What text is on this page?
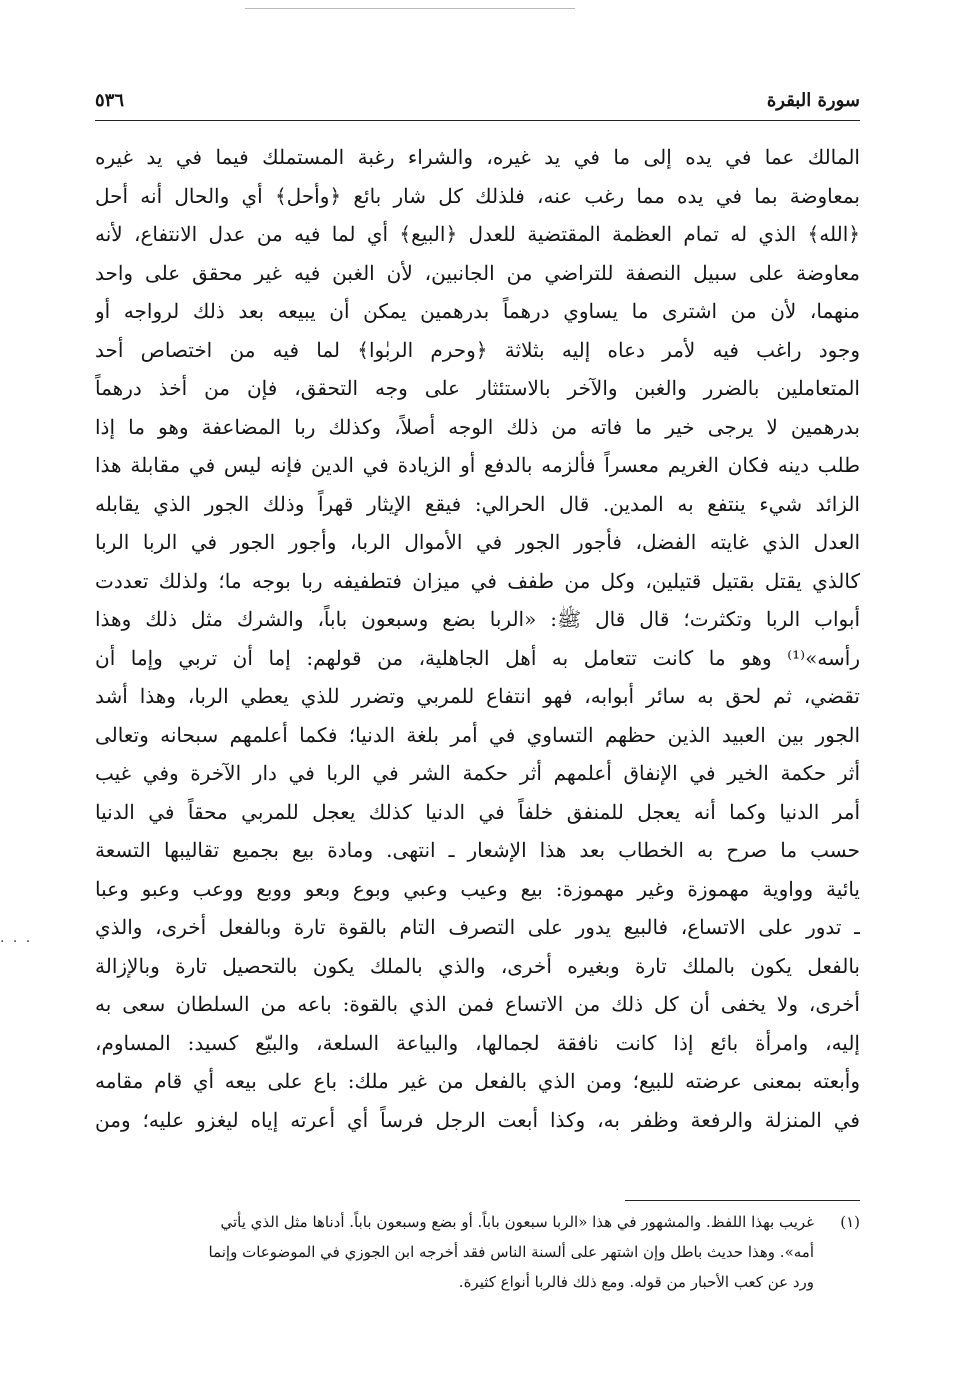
سورة البقرة
٥٣٦
المالك عما في يده إلى ما في يد غيره، والشراء رغبة المستملك فيما في يد غيره
بمعاوضة بما في يده مما رغب عنه، فلذلك كل شار بائع ﴿وأحل﴾ أي والحال أنه أحل
﴿الله﴾ الذي له تمام العظمة المقتضية للعدل ﴿البيع﴾ أي لما فيه من عدل الانتفاع، لأنه
معاوضة على سبيل النصفة للتراضي من الجانبين، لأن الغبن فيه غير محقق على واحد
منهما، لأن من اشترى ما يساوي درهماً بدرهمين يمكن أن يبيعه بعد ذلك لرواجه أو
وجود راغب فيه لأمر دعاه إليه بثلاثة ﴿وحرم الربٰوا﴾ لما فيه من اختصاص أحد
المتعاملين بالضرر والغبن والآخر بالاستئثار على وجه التحقق، فإن من أخذ درهماً
بدرهمين لا يرجى خير ما فاته من ذلك الوجه أصلاً، وكذلك ربا المضاعفة وهو ما إذا
طلب دينه فكان الغريم معسراً فألزمه بالدفع أو الزيادة في الدين فإنه ليس في مقابلة هذا
الزائد شيء ينتفع به المدين. قال الحرالي: فيقع الإيثار قهراً وذلك الجور الذي يقابله
العدل الذي غايته الفضل، فأجور الجور في الأموال الربا، وأجور الجور في الربا الربا
كالذي يقتل بقتيل قتيلين، وكل من طفف في ميزان فتطفيفه ربا بوجه ما؛ ولذلك تعددت
أبواب الربا وتكثرت؛ قال قال ﷺ: «الربا بضع وسبعون باباً، والشرك مثل ذلك وهذا
رأسه»⁽¹⁾ وهو ما كانت تتعامل به أهل الجاهلية، من قولهم: إما أن تربي وإما أن
تقضي، ثم لحق به سائر أبوابه، فهو انتفاع للمربي وتضرر للذي يعطي الربا، وهذا أشد
الجور بين العبيد الذين حظهم التساوي في أمر بلغة الدنيا؛ فكما أعلمهم سبحانه وتعالى
أثر حكمة الخير في الإنفاق أعلمهم أثر حكمة الشر في الربا في دار الآخرة وفي غيب
أمر الدنيا وكما أنه يعجل للمنفق خلفاً في الدنيا كذلك يعجل للمربي محقاً في الدنيا
حسب ما صرح به الخطاب بعد هذا الإشعار ـ انتهى. ومادة بيع بجميع تقاليبها التسعة
يائية وواوية مهموزة وغير مهموزة: بيع وعيب وعبي وبوع وبعو ووبع ووعب وعبو وعبا
ـ تدور على الاتساع، فالبيع يدور على التصرف التام بالقوة تارة وبالفعل أخرى، والذي
بالفعل يكون بالملك تارة وبغيره أخرى، والذي بالملك يكون بالتحصيل تارة وبالإزالة
أخرى، ولا يخفى أن كل ذلك من الاتساع فمن الذي بالقوة: باعه من السلطان سعى به
إليه، وامرأة بائع إذا كانت نافقة لجمالها، والبياعة السلعة، والبيّع كسيد: المساوم،
وأبعته بمعنى عرضته للبيع؛ ومن الذي بالفعل من غير ملك: باع على بيعه أي قام مقامه
في المنزلة والرفعة وظفر به، وكذا أبعت الرجل فرساً أي أعرته إياه ليغزو عليه؛ ومن
· · ·
(١)غريب بهذا اللفظ. والمشهور في هذا «الربا سبعون باباً. أو بضع وسبعون باباً. أدناها مثل الذي يأتي
أمه». وهذا حديث باطل وإن اشتهر على ألسنة الناس فقد أخرجه ابن الجوزي في الموضوعات وإنما
ورد عن كعب الأحبار من قوله. ومع ذلك فالربا أنواع كثيرة.
